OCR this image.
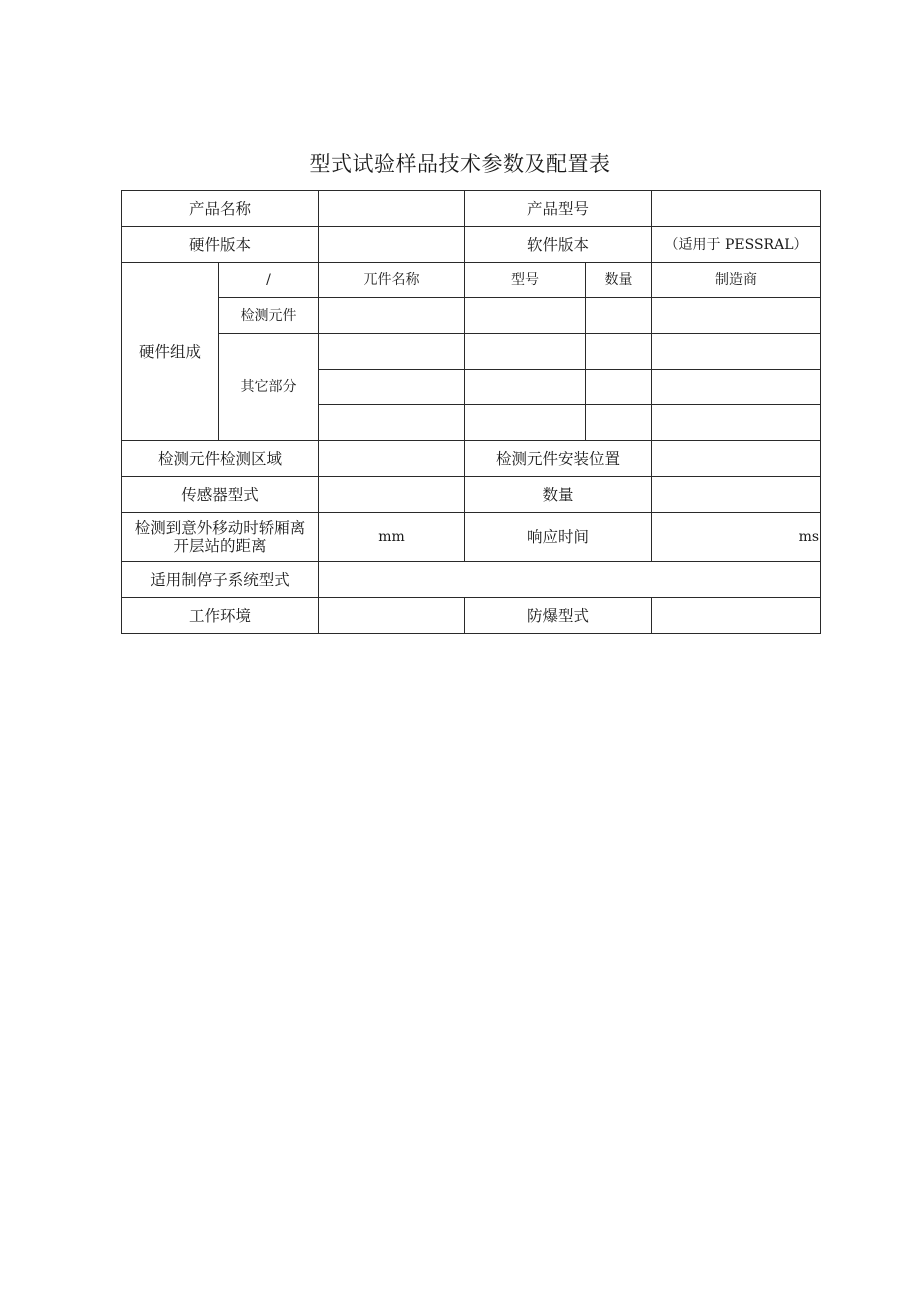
型式试验样品技术参数及配置表
产品名称			产品型号		
硬件版本			软件版本		（适用于 PESSRAL）
硬件组成	/	兀件名称	型号	数量	制造商
	检测元件				
	其它部分				

检测元件检测区域			检测元件安装位置		
传感器型式			数量		

检测到意外移动时轿厢离
开层站的距离		mm	响应时间		ms
适用制停子系统型式					
工作环境			防爆型式		
